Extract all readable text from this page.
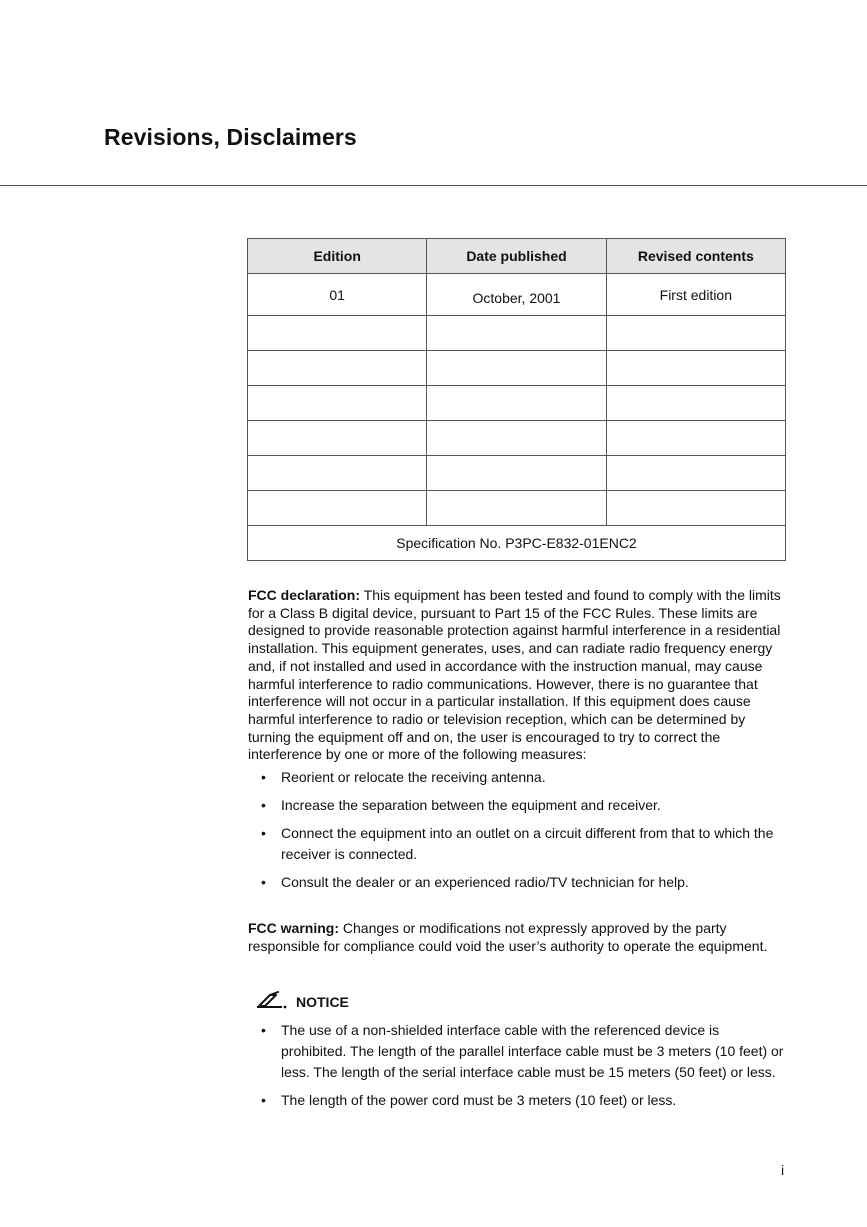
Revisions, Disclaimers
Edition	Date published	Revised contents
01	October, 2001	First edition

Specification No. P3PC-E832-01ENC2		

FCC declaration: This equipment has been tested and found to comply with the limits for a Class B digital device, pursuant to Part 15 of the FCC Rules. These limits are designed to provide reasonable protection against harmful interference in a residential installation. This equipment generates, uses, and can radiate radio frequency energy and, if not installed and used in accordance with the instruction manual, may cause harmful interference to radio communications. However, there is no guarantee that interference will not occur in a particular installation. If this equipment does cause harmful interference to radio or television reception, which can be determined by turning the equipment off and on, the user is encouraged to try to correct the interference by one or more of the following measures:

• Reorient or relocate the receiving antenna.
• Increase the separation between the equipment and receiver.
• Connect the equipment into an outlet on a circuit different from that to which the receiver is connected.
• Consult the dealer or an experienced radio/TV technician for help.

FCC warning: Changes or modifications not expressly approved by the party responsible for compliance could void the user’s authority to operate the equipment.

NOTICE
• The use of a non-shielded interface cable with the referenced device is prohibited. The length of the parallel interface cable must be 3 meters (10 feet) or less. The length of the serial interface cable must be 15 meters (50 feet) or less.
• The length of the power cord must be 3 meters (10 feet) or less.
i
